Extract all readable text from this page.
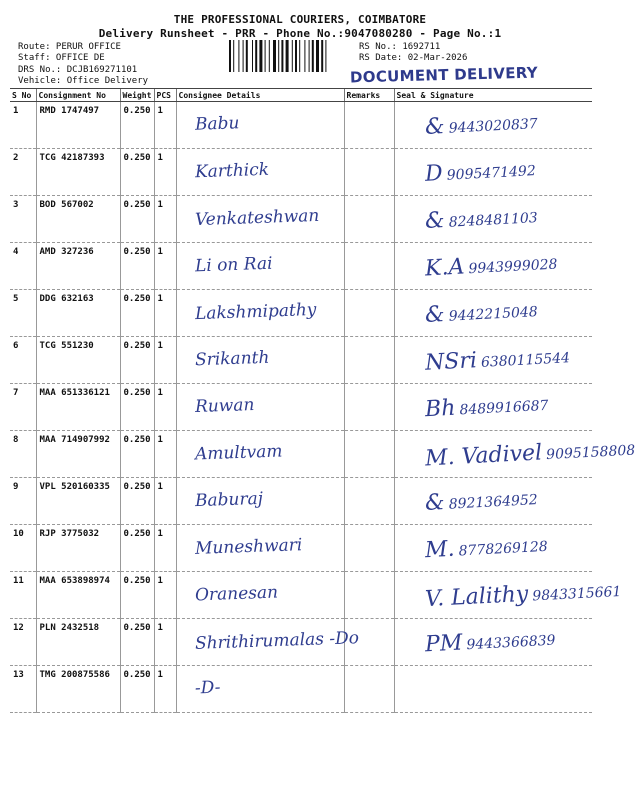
THE PROFESSIONAL COURIERS, COIMBATORE
Delivery Runsheet - PRR - Phone No.:9047080280 - Page No.:1
Route: PERUR OFFICE
Staff: OFFICE DE
DRS No.: DCJB169271101
Vehicle: Office Delivery
RS No.: 1692711
RS Date: 02-Mar-2026
DOCUMENT DELIVERY
S No	Consignment No	Weight	PCS	Consignee Details	Remarks	Seal & Signature
1	RMD 1747497	0.250	1	Babu		& 9443020837

2	TCG 42187393	0.250	1	Karthick		D 9095471492

3	BOD 567002	0.250	1	Venkateshwan		& 8248481103

4	AMD 327236	0.250	1	Li on Rai		K.A 9943999028

5	DDG 632163	0.250	1	Lakshmipathy		& 9442215048

6	TCG 551230	0.250	1	Srikanth		NSri 6380115544

7	MAA 651336121	0.250	1	Ruwan		Bh 8489916687

8	MAA 714907992	0.250	1	Amultvam		M. Vadivel 9095158808

9	VPL 520160335	0.250	1	Baburaj		& 8921364952

10	RJP 3775032	0.250	1	Muneshwari		M. 8778269128

11	MAA 653898974	0.250	1	Oranesan		V. Lalithy 9843315661

12	PLN 2432518	0.250	1	Shrithirumalas -Do		PM 9443366839

13	TMG 200875586	0.250	1	-D-		
